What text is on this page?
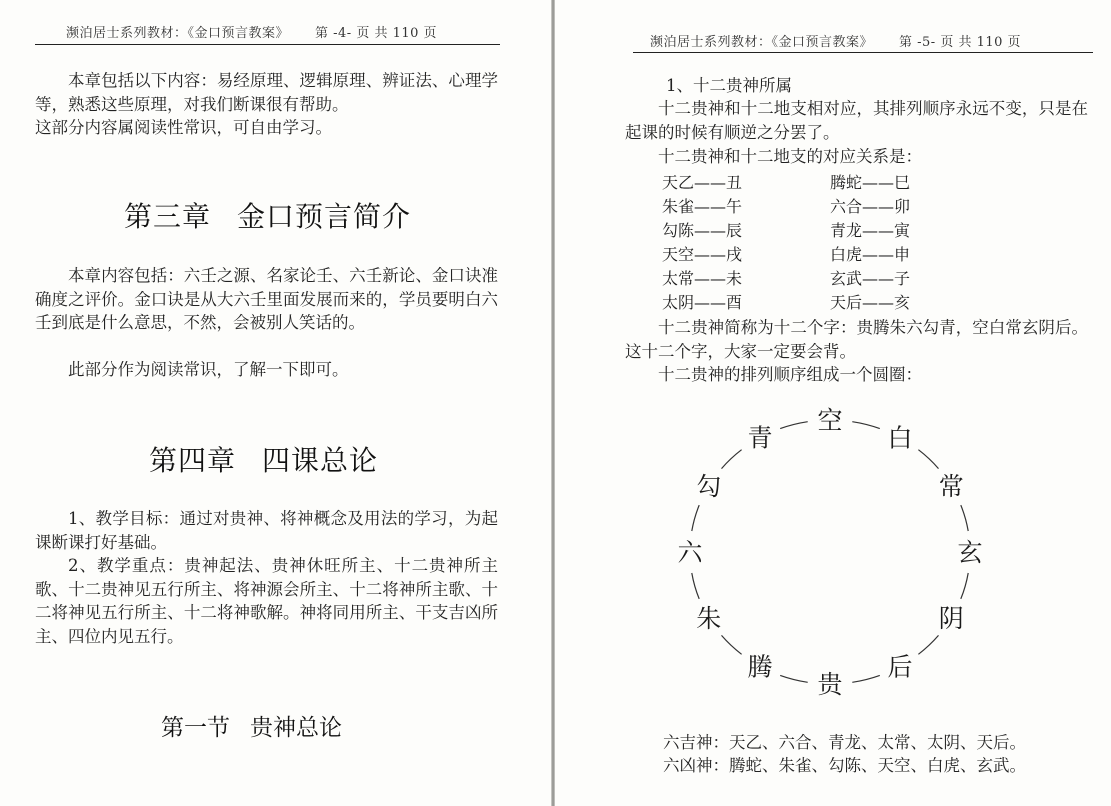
濒泊居士系列教材：《金口预言教案》 第 -4- 页 共 110 页
本章包括以下内容：易经原理、逻辑原理、辨证法、心理学等，熟悉这些原理，对我们断课很有帮助。
这部分内容属阅读性常识，可自由学习。
第三章 金口预言简介
本章内容包括：六壬之源、名家论壬、六壬新论、金口诀准确度之评价。金口诀是从大六壬里面发展而来的，学员要明白六壬到底是什么意思，不然，会被别人笑话的。
此部分作为阅读常识，了解一下即可。
第四章 四课总论
1、教学目标：通过对贵神、将神概念及用法的学习，为起课断课打好基础。
2、教学重点：贵神起法、贵神休旺所主、十二贵神所主歌、十二贵神见五行所主、将神源会所主、十二将神所主歌、十二将神见五行所主、十二将神歌解。神将同用所主、干支吉凶所主、四位内见五行。
第一节 贵神总论
濒泊居士系列教材：《金口预言教案》 第 -5- 页 共 110 页
1、十二贵神所属
十二贵神和十二地支相对应，其排列顺序永远不变，只是在起课的时候有顺逆之分罢了。
十二贵神和十二地支的对应关系是：
天乙——丑
朱雀——午
勾陈——辰
天空——戌
太常——未
太阴——酉
腾蛇——巳
六合——卯
青龙——寅
白虎——申
玄武——子
天后——亥
十二贵神简称为十二个字：贵腾朱六勾青，空白常玄阴后。这十二个字，大家一定要会背。
十二贵神的排列顺序组成一个圆圈：
空
白
常
玄
阴
后
贵
腾
朱
六
勾
青
六吉神：天乙、六合、青龙、太常、太阴、天后。
六凶神：腾蛇、朱雀、勾陈、天空、白虎、玄武。
